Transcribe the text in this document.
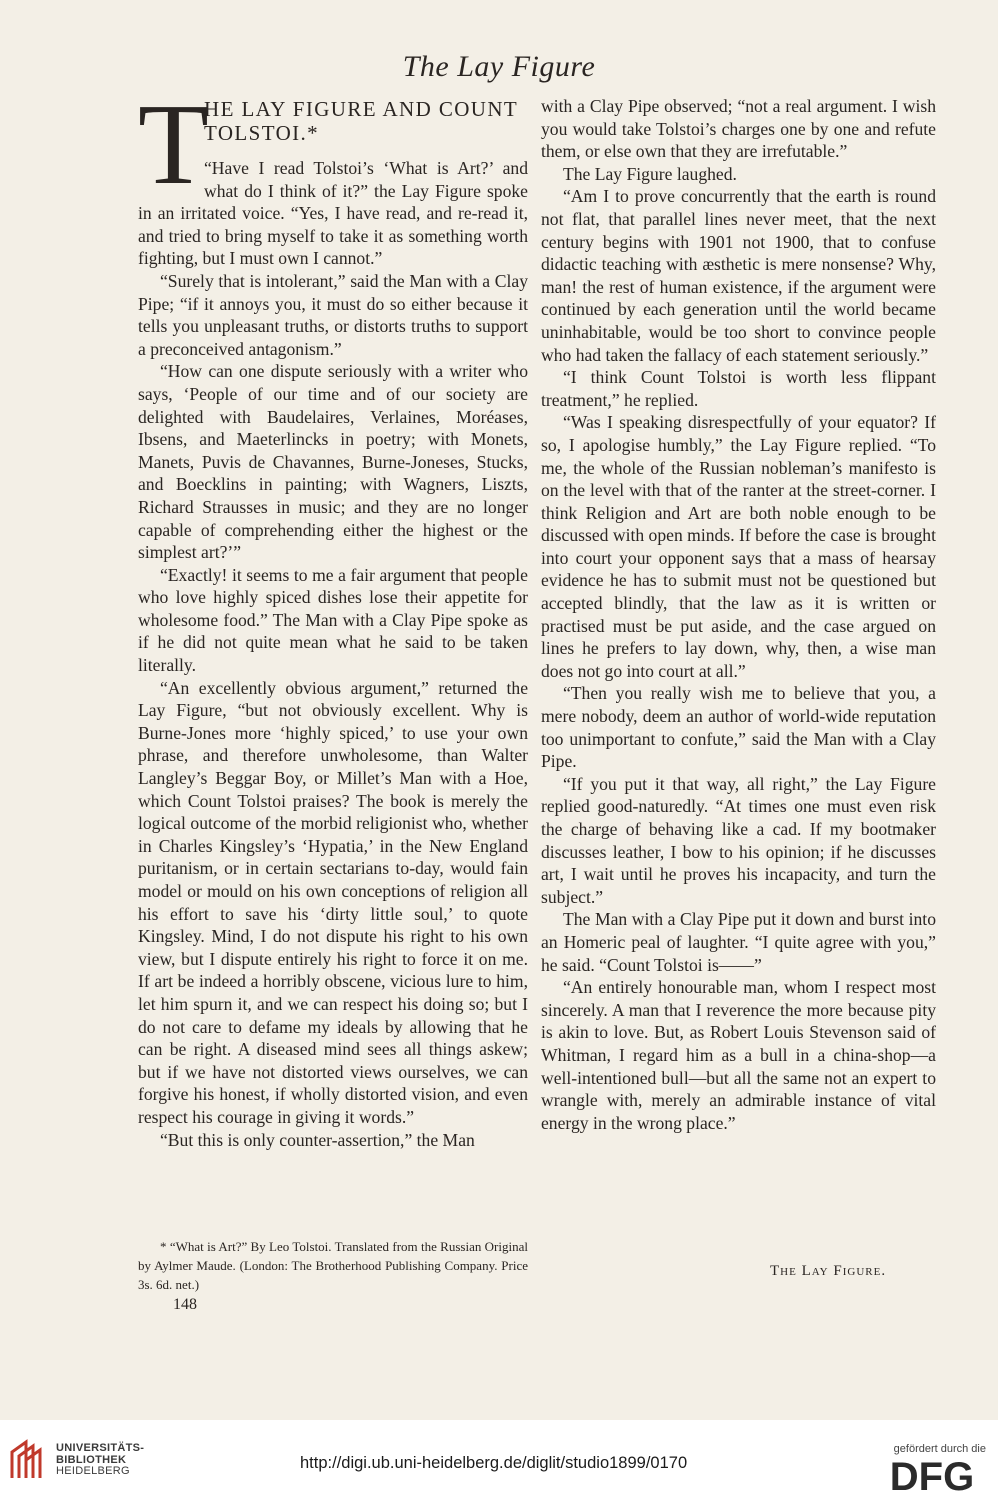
The Lay Figure
T
HE LAY FIGURE AND COUNT TOLSTOI.*

“Have I read Tolstoi’s ‘What is Art?’ and what do I think of it?” the Lay Figure spoke in an irritated voice. “Yes, I have read, and re-read it, and tried to bring myself to take it as something worth fighting, but I must own I cannot.”

“Surely that is intolerant,” said the Man with a Clay Pipe; “if it annoys you, it must do so either because it tells you unpleasant truths, or distorts truths to support a preconceived antagonism.”

“How can one dispute seriously with a writer who says, ‘People of our time and of our society are delighted with Baudelaires, Verlaines, Moréases, Ibsens, and Maeterlincks in poetry; with Monets, Manets, Puvis de Chavannes, Burne-Joneses, Stucks, and Boecklins in painting; with Wagners, Liszts, Richard Strausses in music; and they are no longer capable of comprehending either the highest or the simplest art?’”

“Exactly! it seems to me a fair argument that people who love highly spiced dishes lose their appetite for wholesome food.” The Man with a Clay Pipe spoke as if he did not quite mean what he said to be taken literally.

“An excellently obvious argument,” returned the Lay Figure, “but not obviously excellent. Why is Burne-Jones more ‘highly spiced,’ to use your own phrase, and therefore unwholesome, than Walter Langley’s Beggar Boy, or Millet’s Man with a Hoe, which Count Tolstoi praises? The book is merely the logical outcome of the morbid religionist who, whether in Charles Kingsley’s ‘Hypatia,’ in the New England puritanism, or in certain sectarians to-day, would fain model or mould on his own conceptions of religion all his effort to save his ‘dirty little soul,’ to quote Kingsley. Mind, I do not dispute his right to his own view, but I dispute entirely his right to force it on me. If art be indeed a horribly obscene, vicious lure to him, let him spurn it, and we can respect his doing so; but I do not care to defame my ideals by allowing that he can be right. A diseased mind sees all things askew; but if we have not distorted views ourselves, we can forgive his honest, if wholly distorted vision, and even respect his courage in giving it words.”

“But this is only counter-assertion,” the Man

with a Clay Pipe observed; “not a real argument. I wish you would take Tolstoi’s charges one by one and refute them, or else own that they are irrefutable.”

The Lay Figure laughed.

“Am I to prove concurrently that the earth is round not flat, that parallel lines never meet, that the next century begins with 1901 not 1900, that to confuse didactic teaching with æsthetic is mere nonsense? Why, man! the rest of human existence, if the argument were continued by each generation until the world became uninhabitable, would be too short to convince people who had taken the fallacy of each statement seriously.”

“I think Count Tolstoi is worth less flippant treatment,” he replied.

“Was I speaking disrespectfully of your equator? If so, I apologise humbly,” the Lay Figure replied. “To me, the whole of the Russian nobleman’s manifesto is on the level with that of the ranter at the street-corner. I think Religion and Art are both noble enough to be discussed with open minds. If before the case is brought into court your opponent says that a mass of hearsay evidence he has to submit must not be questioned but accepted blindly, that the law as it is written or practised must be put aside, and the case argued on lines he prefers to lay down, why, then, a wise man does not go into court at all.”

“Then you really wish me to believe that you, a mere nobody, deem an author of world-wide reputation too unimportant to confute,” said the Man with a Clay Pipe.

“If you put it that way, all right,” the Lay Figure replied good-naturedly. “At times one must even risk the charge of behaving like a cad. If my bootmaker discusses leather, I bow to his opinion; if he discusses art, I wait until he proves his incapacity, and turn the subject.”

The Man with a Clay Pipe put it down and burst into an Homeric peal of laughter. “I quite agree with you,” he said. “Count Tolstoi is——”

“An entirely honourable man, whom I respect most sincerely. A man that I reverence the more because pity is akin to love. But, as Robert Louis Stevenson said of Whitman, I regard him as a bull in a china-shop—a well-intentioned bull—but all the same not an expert to wrangle with, merely an admirable instance of vital energy in the wrong place.”

* “What is Art?” By Leo Tolstoi. Translated from the Russian Original by Aylmer Maude. (London: The Brotherhood Publishing Company. Price 3s. 6d. net.)

148
The Lay Figure.
UNIVERSITÄTS-
BIBLIOTHEK
HEIDELBERG	http://digi.ub.uni-heidelberg.de/diglit/studio1899/0170
gefördert durch die
DFG
